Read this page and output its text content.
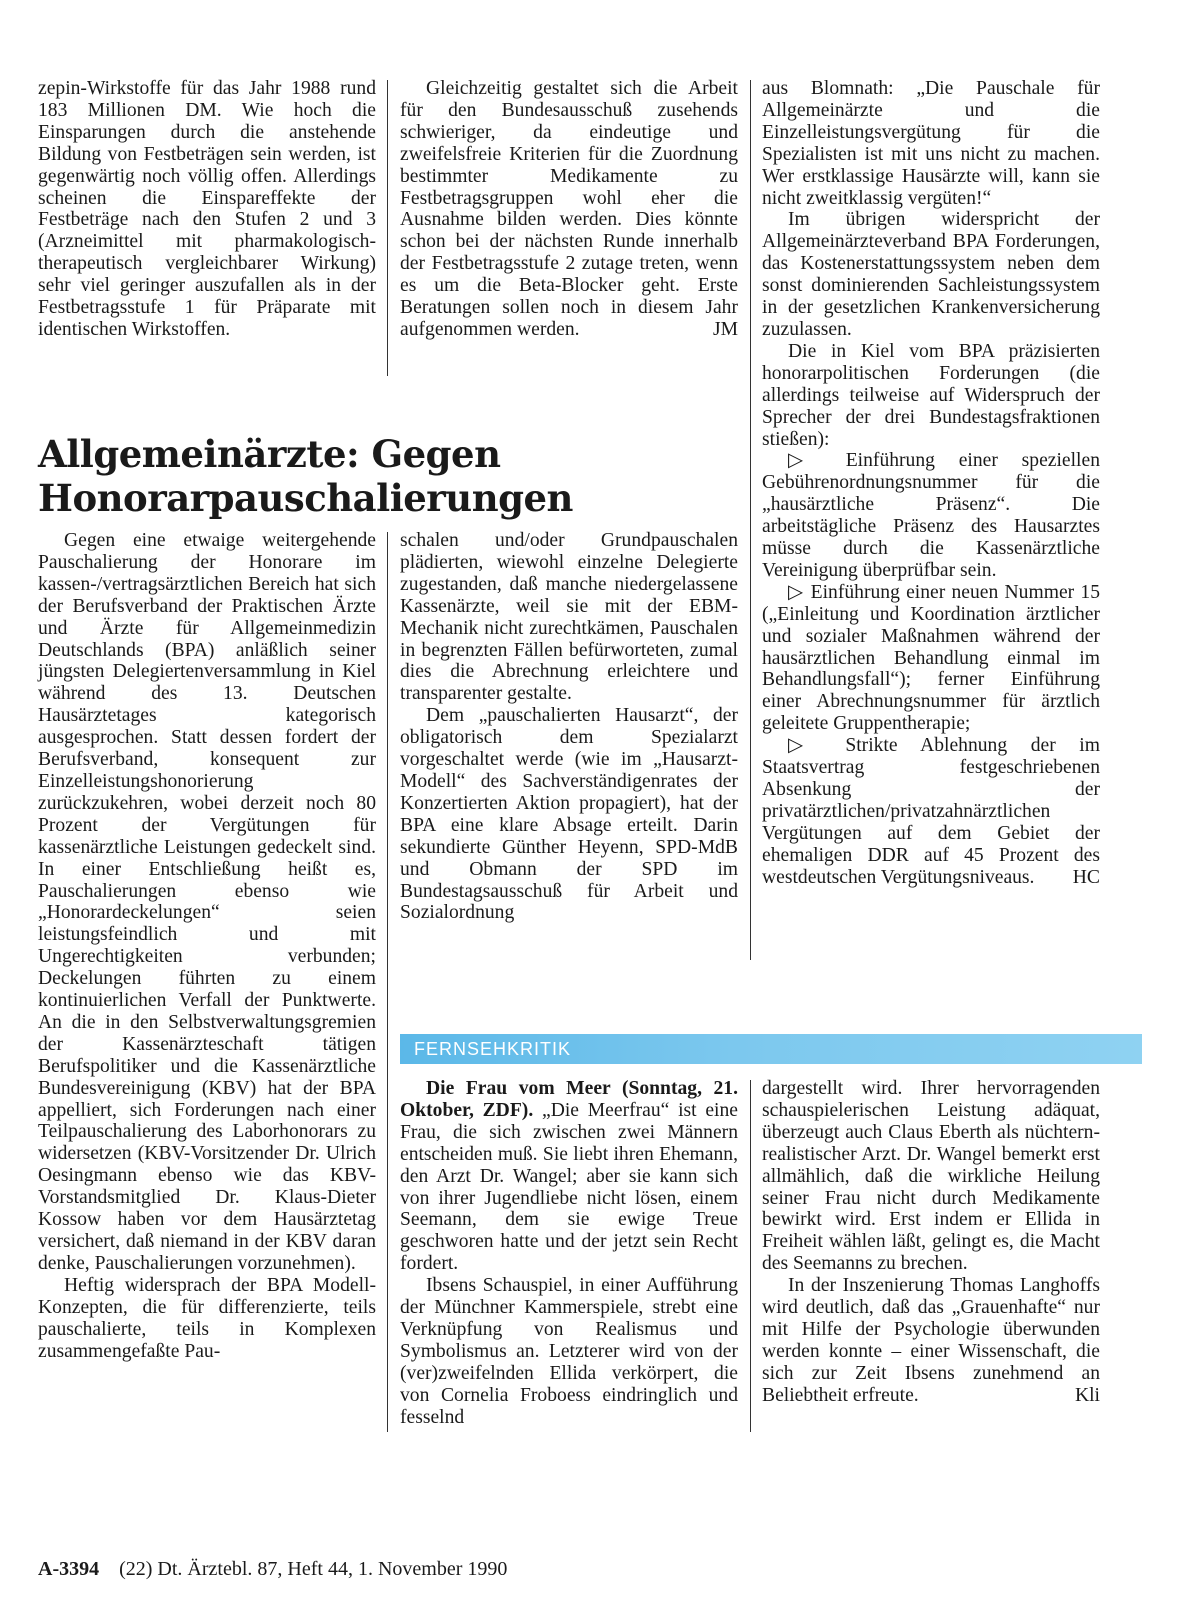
zepin-Wirkstoffe für das Jahr 1988 rund 183 Millionen DM. Wie hoch die Einsparungen durch die anstehende Bildung von Festbeträgen sein werden, ist gegenwärtig noch völlig offen. Allerdings scheinen die Einspareffekte der Festbeträge nach den Stufen 2 und 3 (Arzneimittel mit pharmakologisch-therapeutisch vergleichbarer Wirkung) sehr viel geringer auszufallen als in der Festbetragsstufe 1 für Präparate mit identischen Wirkstoffen.

Gleichzeitig gestaltet sich die Arbeit für den Bundesausschuß zusehends schwieriger, da eindeutige und zweifelsfreie Kriterien für die Zuordnung bestimmter Medikamente zu Festbetragsgruppen wohl eher die Ausnahme bilden werden. Dies könnte schon bei der nächsten Runde innerhalb der Festbetragsstufe 2 zutage treten, wenn es um die Beta-Blocker geht. Erste Beratungen sollen noch in diesem Jahr aufgenommen werden.	JM

Allgemeinärzte: Gegen
Honorarpauschalierungen

Gegen eine etwaige weitergehende Pauschalierung der Honorare im kassen-/vertragsärztlichen Bereich hat sich der Berufsverband der Praktischen Ärzte und Ärzte für Allgemeinmedizin Deutschlands (BPA) anläßlich seiner jüngsten Delegiertenversammlung in Kiel während des 13. Deutschen Hausärztetages kategorisch ausgesprochen. Statt dessen fordert der Berufsverband, konsequent zur Einzelleistungshonorierung zurückzukehren, wobei derzeit noch 80 Prozent der Vergütungen für kassenärztliche Leistungen gedeckelt sind. In einer Entschließung heißt es, Pauschalierungen ebenso wie „Honorardeckelungen“ seien leistungsfeindlich und mit Ungerechtigkeiten verbunden; Deckelungen führten zu einem kontinuierlichen Verfall der Punktwerte. An die in den Selbstverwaltungsgremien der Kassenärzteschaft tätigen Berufspolitiker und die Kassenärztliche Bundesvereinigung (KBV) hat der BPA appelliert, sich Forderungen nach einer Teilpauschalierung des Laborhonorars zu widersetzen (KBV-Vorsitzender Dr. Ulrich Oesingmann ebenso wie das KBV-Vorstandsmitglied Dr. Klaus-Dieter Kossow haben vor dem Hausärztetag versichert, daß niemand in der KBV daran denke, Pauschalierungen vorzunehmen).

Heftig widersprach der BPA Modell-Konzepten, die für differenzierte, teils pauschalierte, teils in Komplexen zusammengefaßte Pau-

schalen und/oder Grundpauschalen plädierten, wiewohl einzelne Delegierte zugestanden, daß manche niedergelassene Kassenärzte, weil sie mit der EBM-Mechanik nicht zurechtkämen, Pauschalen in begrenzten Fällen befürworteten, zumal dies die Abrechnung erleichtere und transparenter gestalte.

Dem „pauschalierten Hausarzt“, der obligatorisch dem Spezialarzt vorgeschaltet werde (wie im „Hausarzt-Modell“ des Sachverständigenrates der Konzertierten Aktion propagiert), hat der BPA eine klare Absage erteilt. Darin sekundierte Günther Heyenn, SPD-MdB und Obmann der SPD im Bundestagsausschuß für Arbeit und Sozialordnung

aus Blomnath: „Die Pauschale für Allgemeinärzte und die Einzelleistungsvergütung für die Spezialisten ist mit uns nicht zu machen. Wer erstklassige Hausärzte will, kann sie nicht zweitklassig vergüten!“

Im übrigen widerspricht der Allgemeinärzteverband BPA Forderungen, das Kostenerstattungssystem neben dem sonst dominierenden Sachleistungssystem in der gesetzlichen Krankenversicherung zuzulassen.

Die in Kiel vom BPA präzisierten honorarpolitischen Forderungen (die allerdings teilweise auf Widerspruch der Sprecher der drei Bundestagsfraktionen stießen):

▷ Einführung einer speziellen Gebührenordnungsnummer für die „hausärztliche Präsenz“. Die arbeitstägliche Präsenz des Hausarztes müsse durch die Kassenärztliche Vereinigung überprüfbar sein.

▷ Einführung einer neuen Nummer 15 („Einleitung und Koordination ärztlicher und sozialer Maßnahmen während der hausärztlichen Behandlung einmal im Behandlungsfall“); ferner Einführung einer Abrechnungsnummer für ärztlich geleitete Gruppentherapie;

▷ Strikte Ablehnung der im Staatsvertrag festgeschriebenen Absenkung der privatärztlichen/privatzahnärztlichen Vergütungen auf dem Gebiet der ehemaligen DDR auf 45 Prozent des westdeutschen Vergütungsniveaus.	HC

FERNSEHKRITIK

Die Frau vom Meer (Sonntag, 21. Oktober, ZDF). „Die Meerfrau“ ist eine Frau, die sich zwischen zwei Männern entscheiden muß. Sie liebt ihren Ehemann, den Arzt Dr. Wangel; aber sie kann sich von ihrer Jugendliebe nicht lösen, einem Seemann, dem sie ewige Treue geschworen hatte und der jetzt sein Recht fordert.

Ibsens Schauspiel, in einer Aufführung der Münchner Kammerspiele, strebt eine Verknüpfung von Realismus und Symbolismus an. Letzterer wird von der (ver)zweifelnden Ellida verkörpert, die von Cornelia Froboess eindringlich und fesselnd

dargestellt wird. Ihrer hervorragenden schauspielerischen Leistung adäquat, überzeugt auch Claus Eberth als nüchtern-realistischer Arzt. Dr. Wangel bemerkt erst allmählich, daß die wirkliche Heilung seiner Frau nicht durch Medikamente bewirkt wird. Erst indem er Ellida in Freiheit wählen läßt, gelingt es, die Macht des Seemanns zu brechen.

In der Inszenierung Thomas Langhoffs wird deutlich, daß das „Grauenhafte“ nur mit Hilfe der Psychologie überwunden werden konnte – einer Wissenschaft, die sich zur Zeit Ibsens zunehmend an Beliebtheit erfreute.	Kli

A-3394 (22) Dt. Ärztebl. 87, Heft 44, 1. November 1990
